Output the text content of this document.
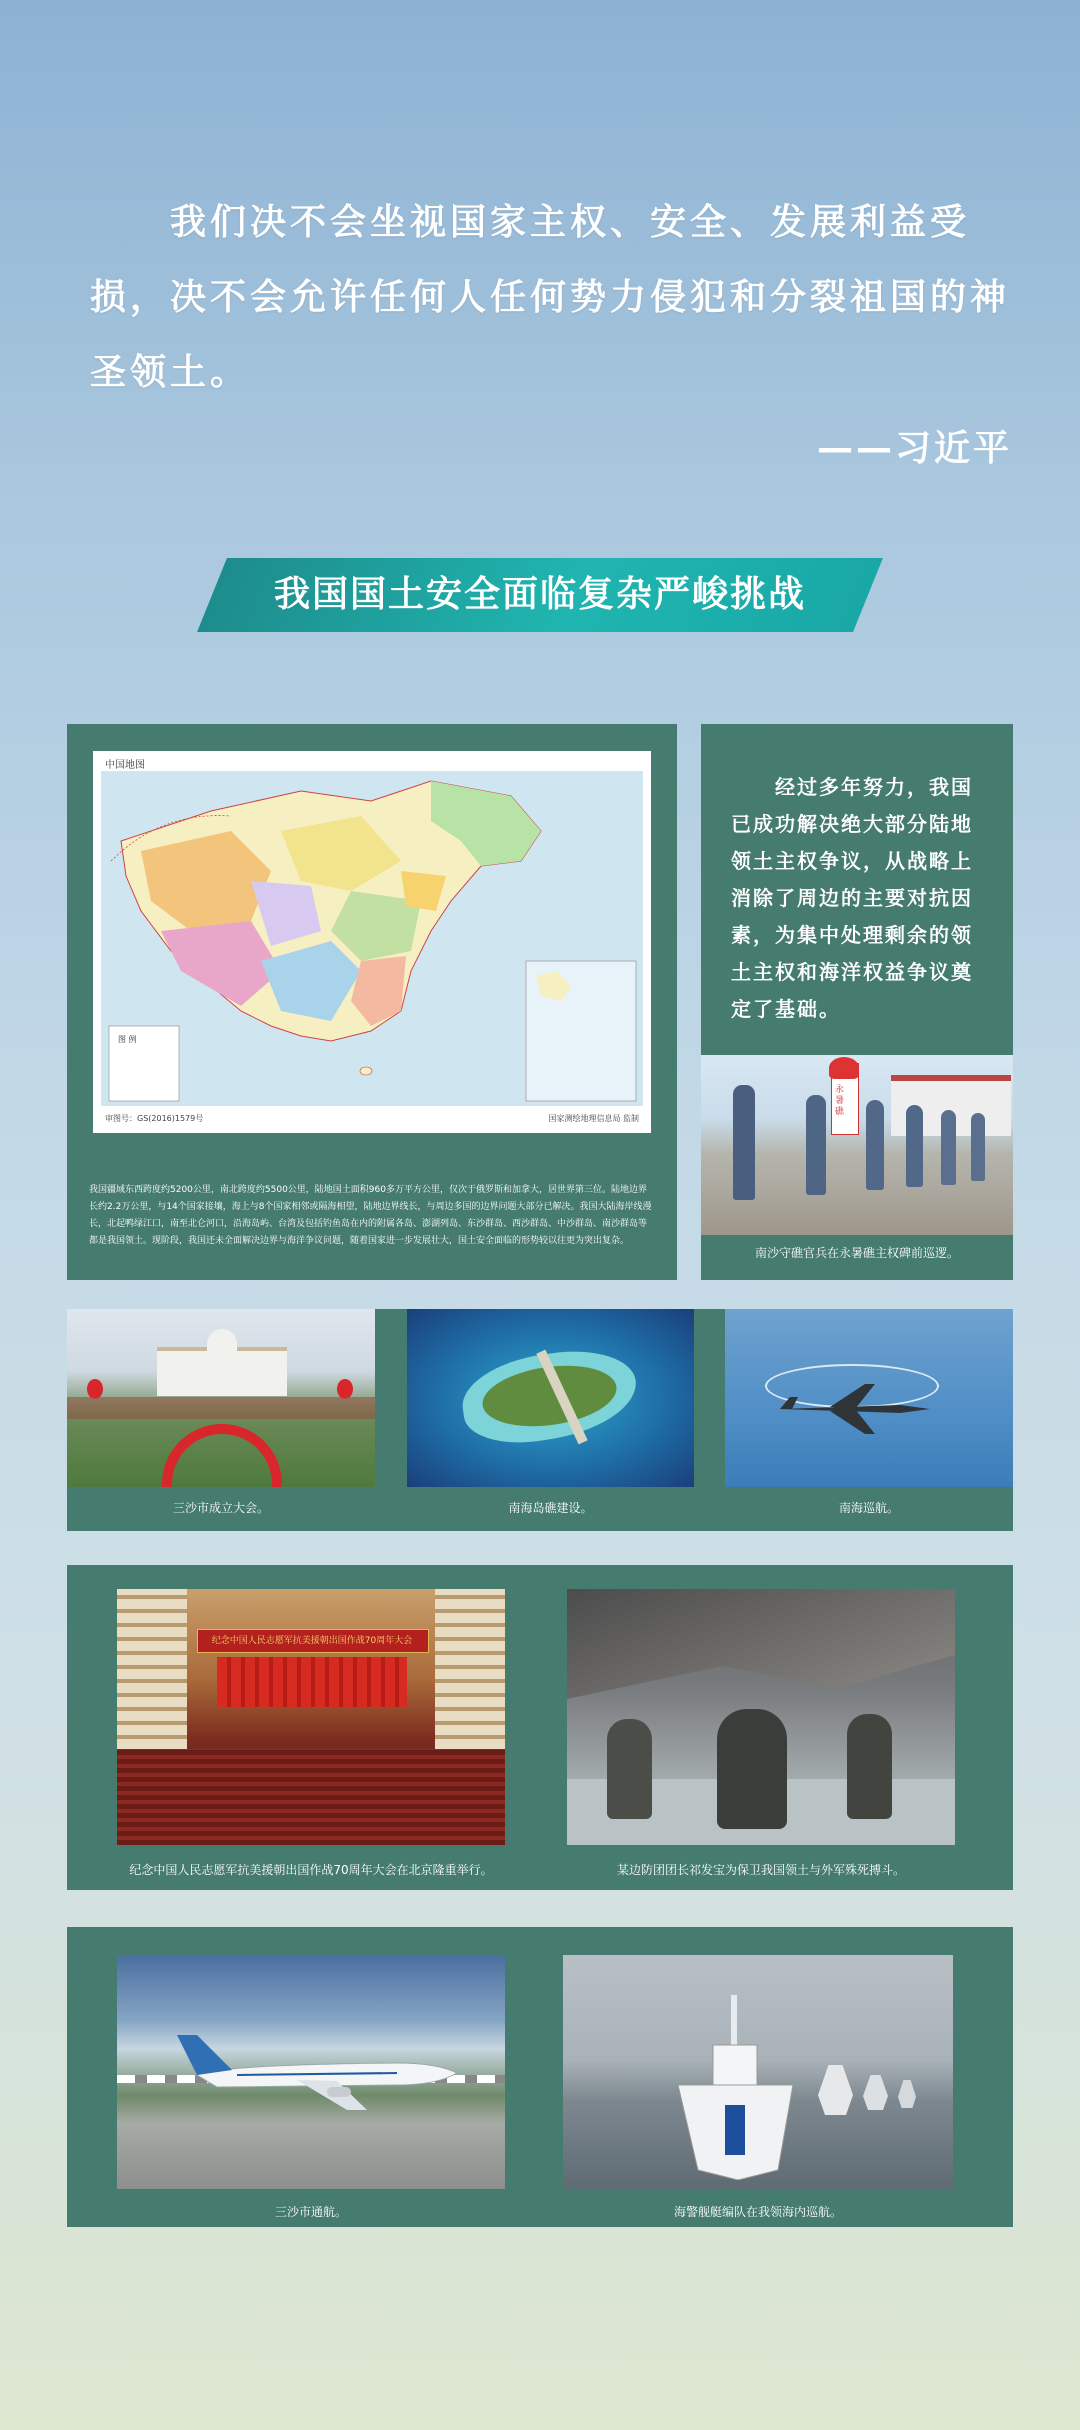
我们决不会坐视国家主权、安全、发展利益受损，决不会允许任何人任何势力侵犯和分裂祖国的神圣领土。
——习近平
我国国土安全面临复杂严峻挑战
中国地图
图 例
审图号：GS(2016)1579号	国家测绘地理信息局 监制
我国疆域东西跨度约5200公里，南北跨度约5500公里，陆地国土面积960多万平方公里，仅次于俄罗斯和加拿大，居世界第三位。陆地边界长约2.2万公里，与14个国家接壤，海上与8个国家相邻或隔海相望，陆地边界线长，与周边多国的边界问题大部分已解决。我国大陆海岸线漫长，北起鸭绿江口，南至北仑河口，沿海岛屿、台湾及包括钓鱼岛在内的附属各岛、澎湖列岛、东沙群岛、西沙群岛、中沙群岛、南沙群岛等都是我国领土。现阶段，我国还未全面解决边界与海洋争议问题，随着国家进一步发展壮大，国土安全面临的形势较以往更为突出复杂。
经过多年努力，我国已成功解决绝大部分陆地领土主权争议，从战略上消除了周边的主要对抗因素，为集中处理剩余的领土主权和海洋权益争议奠定了基础。
永暑礁
南沙守礁官兵在永暑礁主权碑前巡逻。
三沙市成立大会。	南海岛礁建设。	南海巡航。
纪念中国人民志愿军抗美援朝出国作战70周年大会
纪念中国人民志愿军抗美援朝出国作战70周年大会在北京隆重举行。	某边防团团长祁发宝为保卫我国领土与外军殊死搏斗。
三沙市通航。	海警舰艇编队在我领海内巡航。
